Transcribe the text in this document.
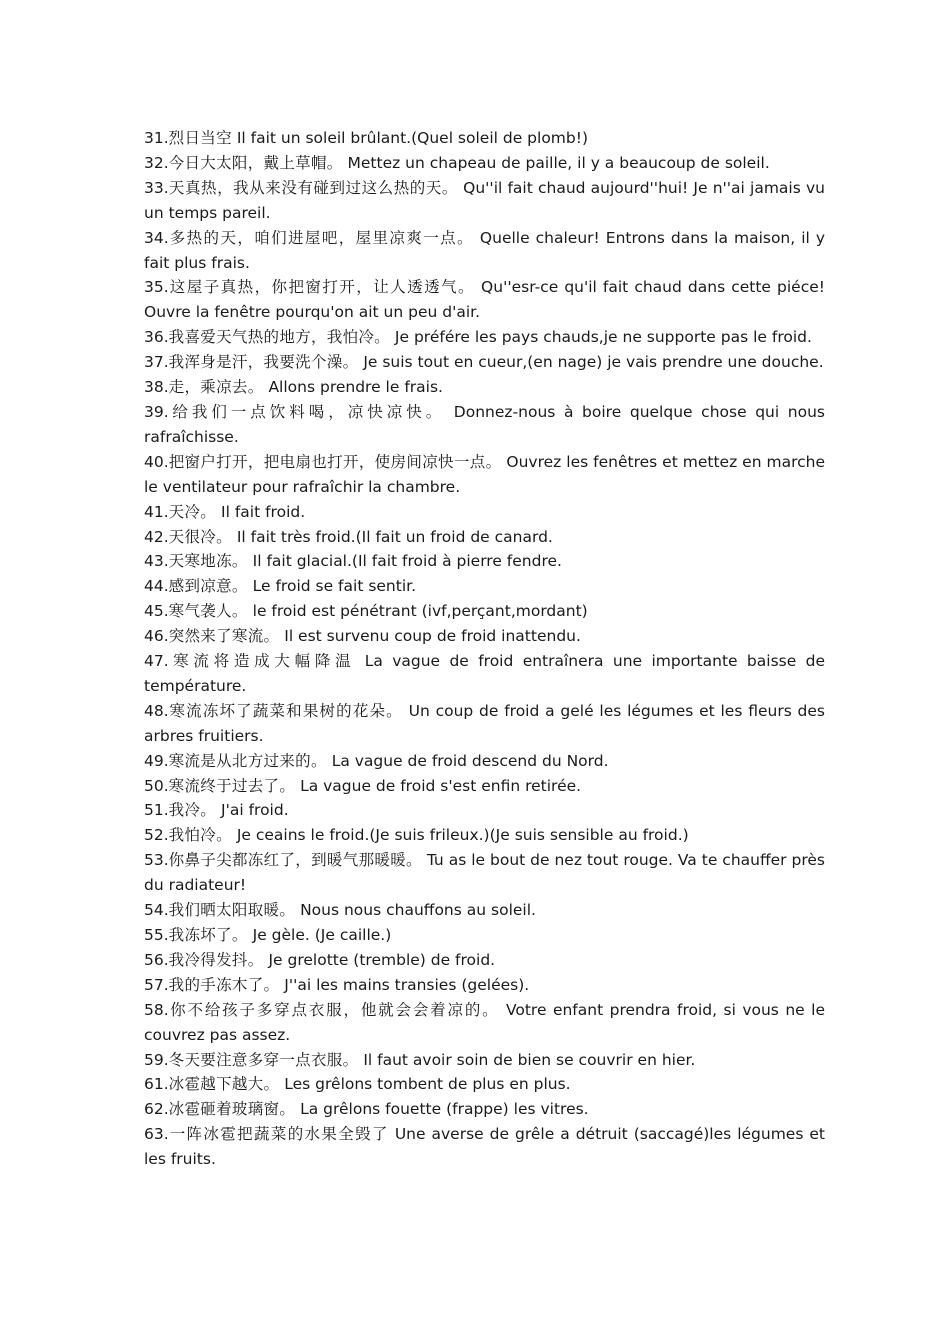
31.烈日当空 Il fait un soleil brûlant.(Quel soleil de plomb!)

32.今日大太阳，戴上草帽。 Mettez un chapeau de paille, il y a beaucoup de soleil.

33.天真热，我从来没有碰到过这么热的天。 Qu''il fait chaud aujourd''hui! Je n''ai jamais vu un temps pareil.

34.多热的天，咱们进屋吧，屋里凉爽一点。 Quelle chaleur! Entrons dans la maison, il y fait plus frais.

35.这屋子真热，你把窗打开，让人透透气。 Qu''esr-ce qu'il fait chaud dans cette piéce! Ouvre la fenêtre pourqu'on ait un peu d'air.

36.我喜爱天气热的地方，我怕冷。 Je préfére les pays chauds,je ne supporte pas le froid.

37.我浑身是汗，我要洗个澡。 Je suis tout en cueur,(en nage) je vais prendre une douche.

38.走，乘凉去。 Allons prendre le frais.

39.给我们一点饮料喝，凉快凉快。 Donnez-nous à boire quelque chose qui nous rafraîchisse.

40.把窗户打开，把电扇也打开，使房间凉快一点。 Ouvrez les fenêtres et mettez en marche le ventilateur pour rafraîchir la chambre.

41.天冷。 Il fait froid.

42.天很冷。 Il fait très froid.(Il fait un froid de canard.

43.天寒地冻。 Il fait glacial.(Il fait froid à pierre fendre.

44.感到凉意。 Le froid se fait sentir.

45.寒气袭人。 le froid est pénétrant (ivf,perçant,mordant)

46.突然来了寒流。 Il est survenu coup de froid inattendu.

47.寒流将造成大幅降温 La vague de froid entraînera une importante baisse de température.

48.寒流冻坏了蔬菜和果树的花朵。 Un coup de froid a gelé les légumes et les fleurs des arbres fruitiers.

49.寒流是从北方过来的。 La vague de froid descend du Nord.

50.寒流终于过去了。 La vague de froid s'est enfin retirée.

51.我冷。 J'ai froid.

52.我怕冷。 Je ceains le froid.(Je suis frileux.)(Je suis sensible au froid.)

53.你鼻子尖都冻红了，到暖气那暖暖。 Tu as le bout de nez tout rouge. Va te chauffer près du radiateur!

54.我们晒太阳取暖。 Nous nous chauffons au soleil.

55.我冻坏了。 Je gèle. (Je caille.)

56.我冷得发抖。 Je grelotte (tremble) de froid.

57.我的手冻木了。 J''ai les mains transies (gelées).

58.你不给孩子多穿点衣服，他就会会着凉的。 Votre enfant prendra froid, si vous ne le couvrez pas assez.

59.冬天要注意多穿一点衣服。 Il faut avoir soin de bien se couvrir en hier.

61.冰雹越下越大。 Les grêlons tombent de plus en plus.

62.冰雹砸着玻璃窗。 La grêlons fouette (frappe) les vitres.

63.一阵冰雹把蔬菜的水果全毁了 Une averse de grêle a détruit (saccagé)les légumes et les fruits.
